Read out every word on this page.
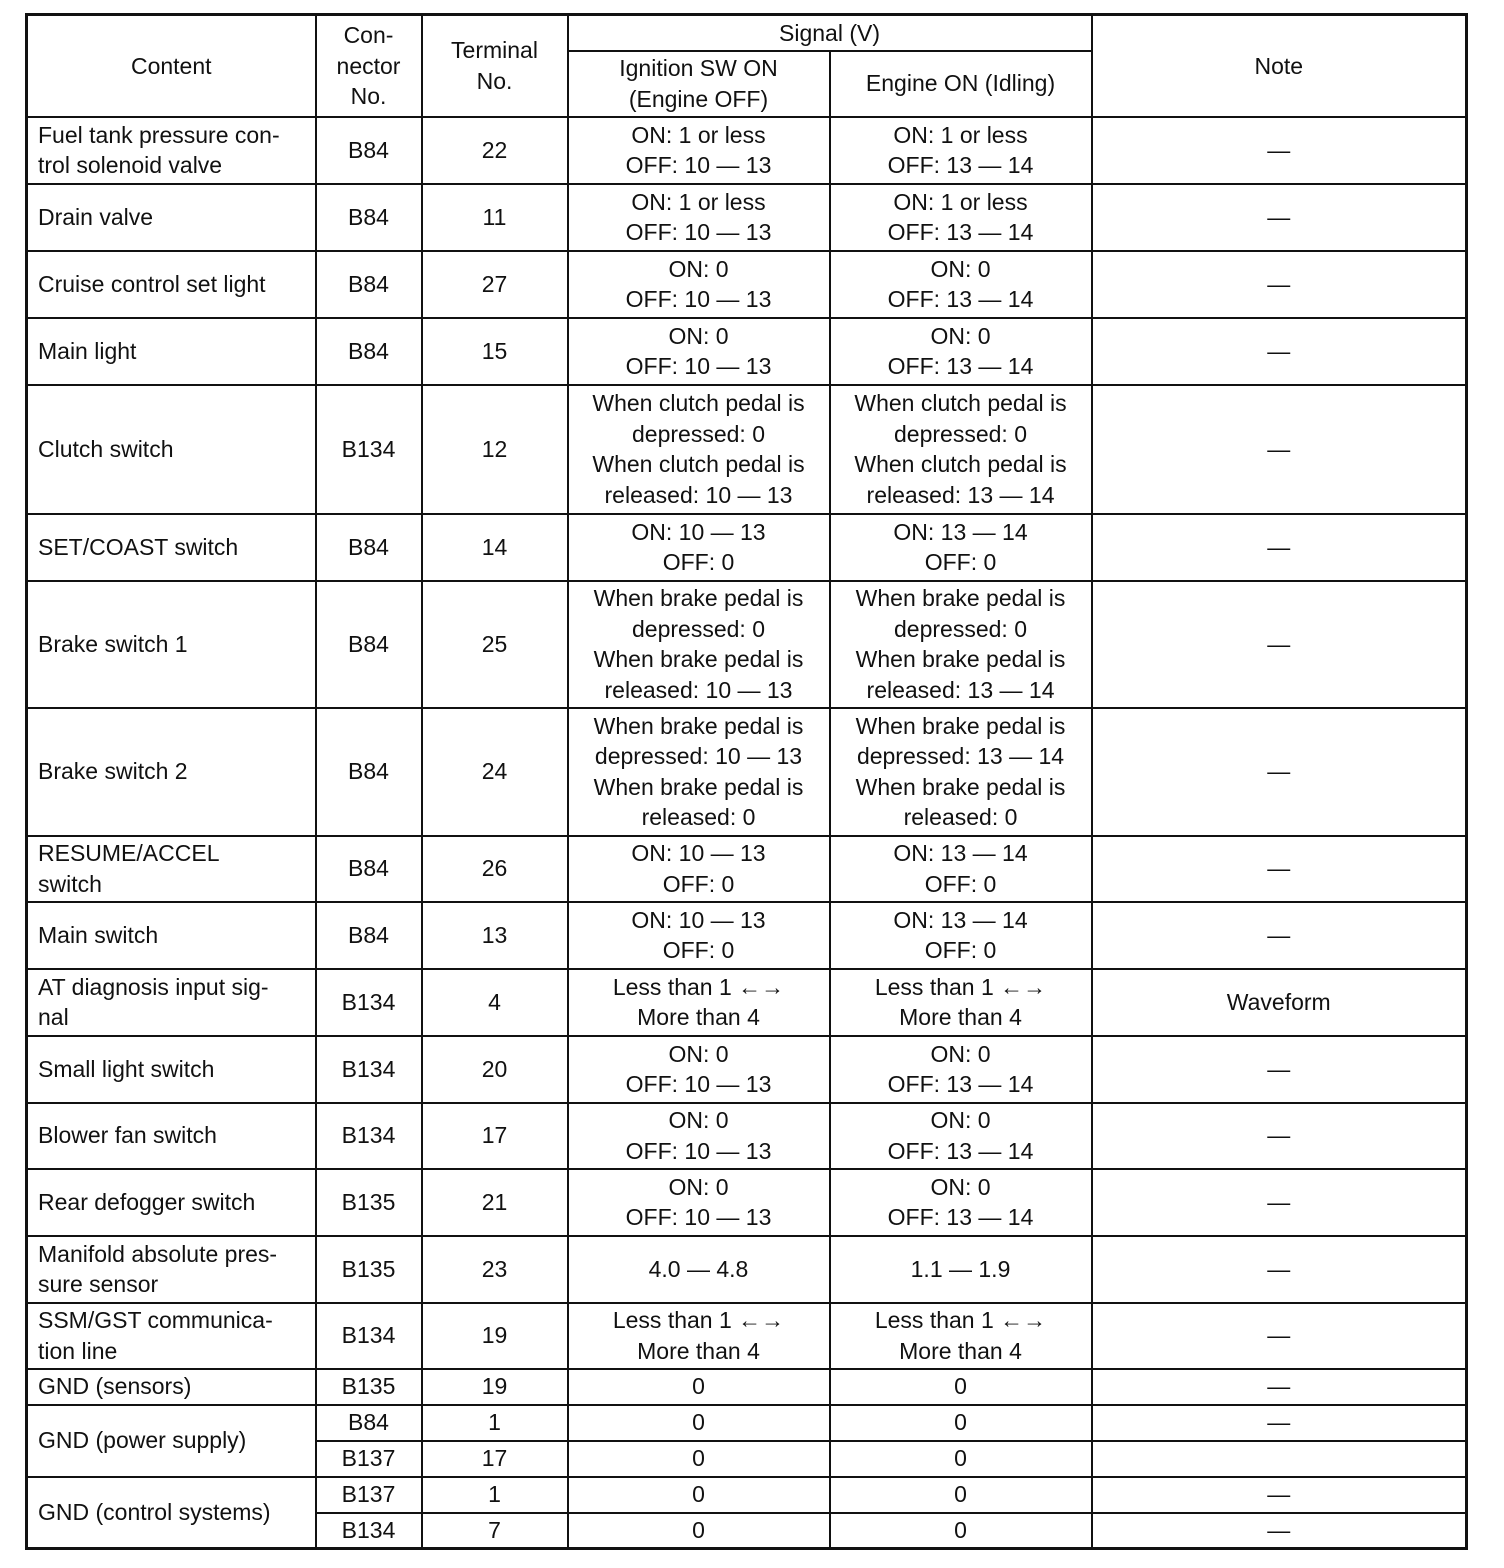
Content	Con-
nector
No.	Terminal
No.	Signal (V)		Note
			Ignition SW ON
(Engine OFF)	Engine ON (Idling)	
Fuel tank pressure con-
trol solenoid valve	B84	22	ON: 1 or less
OFF: 10 — 13	ON: 1 or less
OFF: 13 — 14	—
Drain valve	B84	11	ON: 1 or less
OFF: 10 — 13	ON: 1 or less
OFF: 13 — 14	—
Cruise control set light	B84	27	ON: 0
OFF: 10 — 13	ON: 0
OFF: 13 — 14	—
Main light	B84	15	ON: 0
OFF: 10 — 13	ON: 0
OFF: 13 — 14	—
Clutch switch	B134	12	When clutch pedal is
depressed: 0
When clutch pedal is
released: 10 — 13	When clutch pedal is
depressed: 0
When clutch pedal is
released: 13 — 14	—
SET/COAST switch	B84	14	ON: 10 — 13
OFF: 0	ON: 13 — 14
OFF: 0	—
Brake switch 1	B84	25	When brake pedal is
depressed: 0
When brake pedal is
released: 10 — 13	When brake pedal is
depressed: 0
When brake pedal is
released: 13 — 14	—
Brake switch 2	B84	24	When brake pedal is
depressed: 10 — 13
When brake pedal is
released: 0	When brake pedal is
depressed: 13 — 14
When brake pedal is
released: 0	—
RESUME/ACCEL
switch	B84	26	ON: 10 — 13
OFF: 0	ON: 13 — 14
OFF: 0	—
Main switch	B84	13	ON: 10 — 13
OFF: 0	ON: 13 — 14
OFF: 0	—
AT diagnosis input sig-
nal	B134	4	Less than 1 ←→
More than 4	Less than 1 ←→
More than 4	Waveform
Small light switch	B134	20	ON: 0
OFF: 10 — 13	ON: 0
OFF: 13 — 14	—
Blower fan switch	B134	17	ON: 0
OFF: 10 — 13	ON: 0
OFF: 13 — 14	—
Rear defogger switch	B135	21	ON: 0
OFF: 10 — 13	ON: 0
OFF: 13 — 14	—
Manifold absolute pres-
sure sensor	B135	23	4.0 — 4.8	1.1 — 1.9	—
SSM/GST communica-
tion line	B134	19	Less than 1 ←→
More than 4	Less than 1 ←→
More than 4	—
GND (sensors)	B135	19	0	0	—
GND (power supply)	B84	1	0	0	—
	B137	17	0	0	
GND (control systems)	B137	1	0	0	—
	B134	7	0	0	—
